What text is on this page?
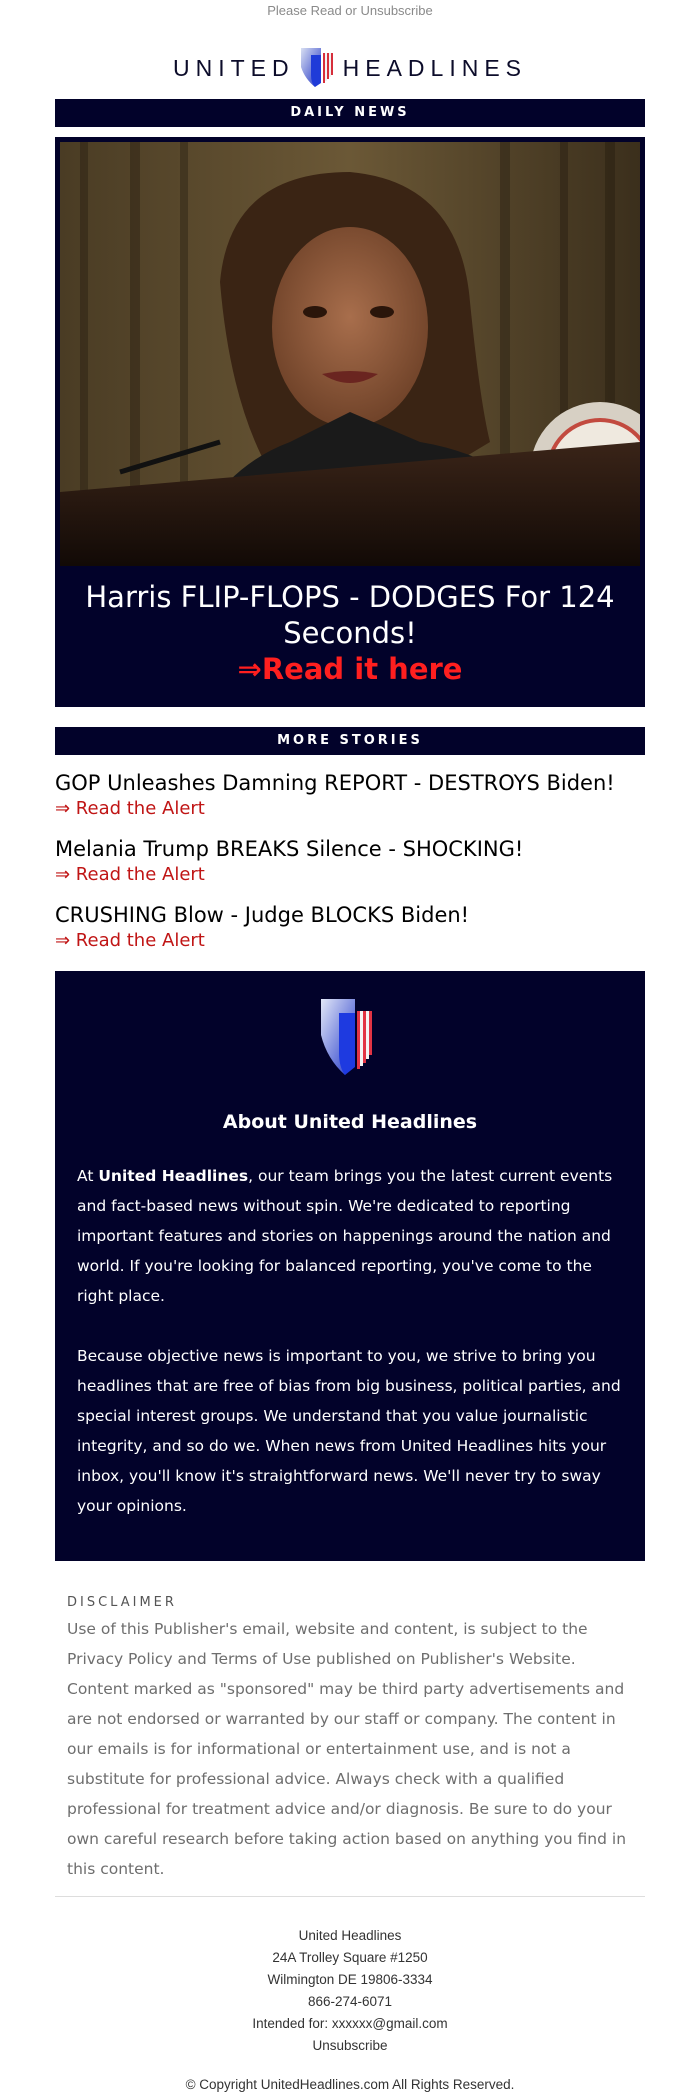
Please Read or Unsubscribe
UNITED HEADLINES
DAILY NEWS
Harris FLIP-FLOPS - DODGES For 124 Seconds!
⇒Read it here
MORE STORIES
GOP Unleashes Damning REPORT - DESTROYS Biden!
⇒ Read the Alert
Melania Trump BREAKS Silence - SHOCKING!
⇒ Read the Alert
CRUSHING Blow - Judge BLOCKS Biden!
⇒ Read the Alert
About United Headlines

At United Headlines, our team brings you the latest current events and fact-based news without spin. We're dedicated to reporting important features and stories on happenings around the nation and world. If you're looking for balanced reporting, you've come to the right place.

Because objective news is important to you, we strive to bring you headlines that are free of bias from big business, political parties, and special interest groups. We understand that you value journalistic integrity, and so do we. When news from United Headlines hits your inbox, you'll know it's straightforward news. We'll never try to sway your opinions.

DISCLAIMER
Use of this Publisher's email, website and content, is subject to the Privacy Policy and Terms of Use published on Publisher's Website. Content marked as "sponsored" may be third party advertisements and are not endorsed or warranted by our staff or company. The content in our emails is for informational or entertainment use, and is not a substitute for professional advice. Always check with a qualified professional for treatment advice and/or diagnosis. Be sure to do your own careful research before taking action based on anything you find in this content.
United Headlines
24A Trolley Square #1250
Wilmington DE 19806-3334
866-274-6071
Intended for: xxxxxx@gmail.com
Unsubscribe
© Copyright UnitedHeadlines.com All Rights Reserved.
